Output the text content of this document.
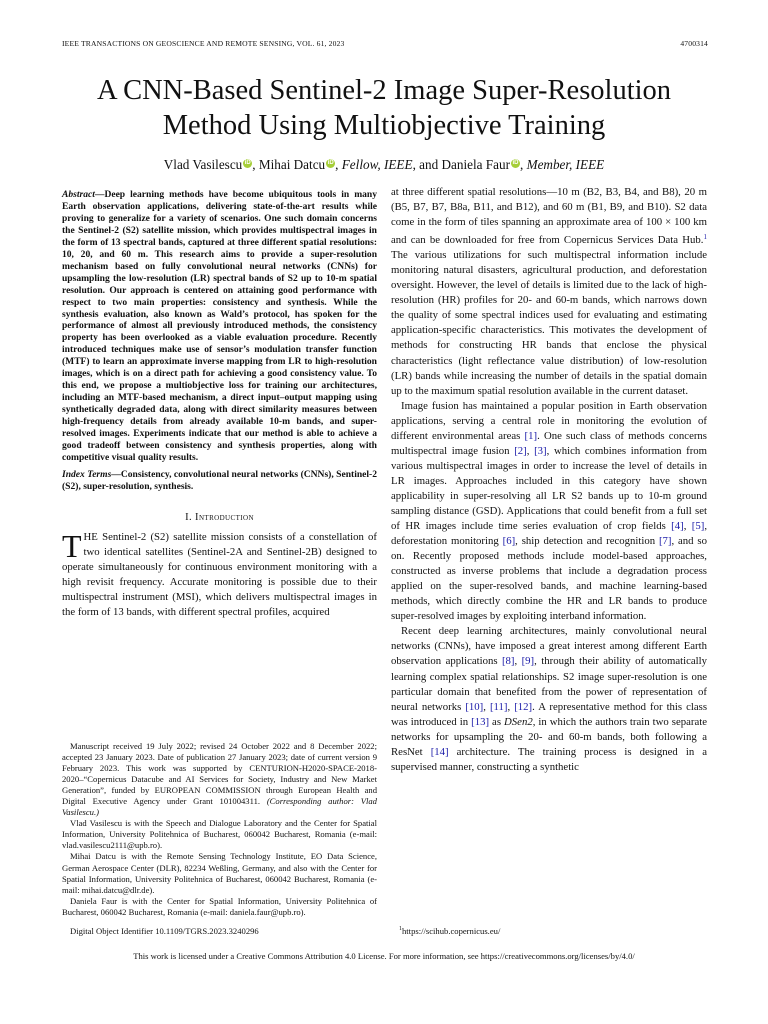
IEEE TRANSACTIONS ON GEOSCIENCE AND REMOTE SENSING, VOL. 61, 2023	4700314
A CNN-Based Sentinel-2 Image Super-Resolution
Method Using Multiobjective Training
Vlad Vasilescu iD , Mihai Datcu iD , Fellow, IEEE, and Daniela Faur iD , Member, IEEE

Abstract—Deep learning methods have become ubiquitous tools in many Earth observation applications, delivering state-of-the-art results while proving to generalize for a variety of scenarios. One such domain concerns the Sentinel-2 (S2) satellite mission, which provides multispectral images in the form of 13 spectral bands, captured at three different spatial resolutions: 10, 20, and 60 m. This research aims to provide a super-resolution mechanism based on fully convolutional neural networks (CNNs) for upsampling the low-resolution (LR) spectral bands of S2 up to 10-m spatial resolution. Our approach is centered on attaining good performance with respect to two main properties: consistency and synthesis. While the synthesis evaluation, also known as Wald’s protocol, has spoken for the performance of almost all previously introduced methods, the consistency property has been overlooked as a viable evaluation procedure. Recently introduced techniques make use of sensor’s modulation transfer function (MTF) to learn an approximate inverse mapping from LR to high-resolution images, which is on a direct path for achieving a good consistency value. To this end, we propose a multiobjective loss for training our architectures, including an MTF-based mechanism, a direct input–output mapping using synthetically degraded data, along with direct similarity measures between high-frequency details from already available 10-m bands, and super-resolved images. Experiments indicate that our method is able to achieve a good tradeoff between consistency and synthesis properties, along with competitive visual quality results.

Index Terms—Consistency, convolutional neural networks (CNNs), Sentinel-2 (S2), super-resolution, synthesis.

I. Introduction

THE Sentinel-2 (S2) satellite mission consists of a constellation of two identical satellites (Sentinel-2A and Sentinel-2B) designed to operate simultaneously for continuous environment monitoring with a high revisit frequency. Accurate monitoring is possible due to their multispectral instrument (MSI), which delivers multispectral images in the form of 13 bands, with different spectral profiles, acquired

at three different spatial resolutions—10 m (B2, B3, B4, and B8), 20 m (B5, B7, B7, B8a, B11, and B12), and 60 m (B1, B9, and B10). S2 data come in the form of tiles spanning an approximate area of 100 × 100 km and can be downloaded for free from Copernicus Services Data Hub.$^1$ The various utilizations for such multispectral information include monitoring natural disasters, agricultural production, and deforestation oversight. However, the level of details is limited due to the lack of high-resolution (HR) profiles for 20- and 60-m bands, which narrows down the quality of some spectral indices used for evaluating and estimating application-specific characteristics. This motivates the development of methods for constructing HR bands that enclose the physical characteristics (light reflectance value distribution) of low-resolution (LR) bands while increasing the number of details in the spatial domain up to the maximum spatial resolution available in the current dataset.

Image fusion has maintained a popular position in Earth observation applications, serving a central role in monitoring the evolution of different environmental areas [1]. One such class of methods concerns multispectral image fusion [2], [3], which combines information from various multispectral images in order to increase the level of details in LR images. Approaches included in this category have shown applicability in super-resolving all LR S2 bands up to 10-m ground sampling distance (GSD). Applications that could benefit from a full set of HR images include time series evaluation of crop fields [4], [5], deforestation monitoring [6], ship detection and recognition [7], and so on. Recently proposed methods include model-based approaches, constructed as inverse problems that include a degradation process applied on the super-resolved bands, and machine learning-based methods, which directly combine the HR and LR bands to produce super-resolved images by exploiting interband information.

Recent deep learning architectures, mainly convolutional neural networks (CNNs), have imposed a great interest among different Earth observation applications [8], [9], through their ability of automatically learning complex spatial relationships. S2 image super-resolution is one particular domain that benefited from the power of representation of neural networks [10], [11], [12]. A representative method for this class was introduced in [13] as DSen2, in which the authors train two separate networks for upsampling the 20- and 60-m bands, both following a ResNet [14] architecture. The training process is designed in a supervised manner, constructing a synthetic

Manuscript received 19 July 2022; revised 24 October 2022 and 8 December 2022; accepted 23 January 2023. Date of publication 27 January 2023; date of current version 9 February 2023. This work was supported by CENTURION-H2020-SPACE-2018-2020–“Copernicus Datacube and AI Services for Society, Industry and New Market Generation”, funded by EUROPEAN COMMISSION through European Health and Digital Executive Agency under Grant 101004311. (Corresponding author: Vlad Vasilescu.)

Vlad Vasilescu is with the Speech and Dialogue Laboratory and the Center for Spatial Information, University Politehnica of Bucharest, 060042 Bucharest, Romania (e-mail: vlad.vasilescu2111@upb.ro).

Mihai Datcu is with the Remote Sensing Technology Institute, EO Data Science, German Aerospace Center (DLR), 82234 Weßling, Germany, and also with the Center for Spatial Information, University Politehnica of Bucharest, 060042 Bucharest, Romania (e-mail: mihai.datcu@dlr.de).

Daniela Faur is with the Center for Spatial Information, University Politehnica of Bucharest, 060042 Bucharest, Romania (e-mail: daniela.faur@upb.ro).

Digital Object Identifier 10.1109/TGRS.2023.3240296	$^1$https://scihub.copernicus.eu/
This work is licensed under a Creative Commons Attribution 4.0 License. For more information, see https://creativecommons.org/licenses/by/4.0/
